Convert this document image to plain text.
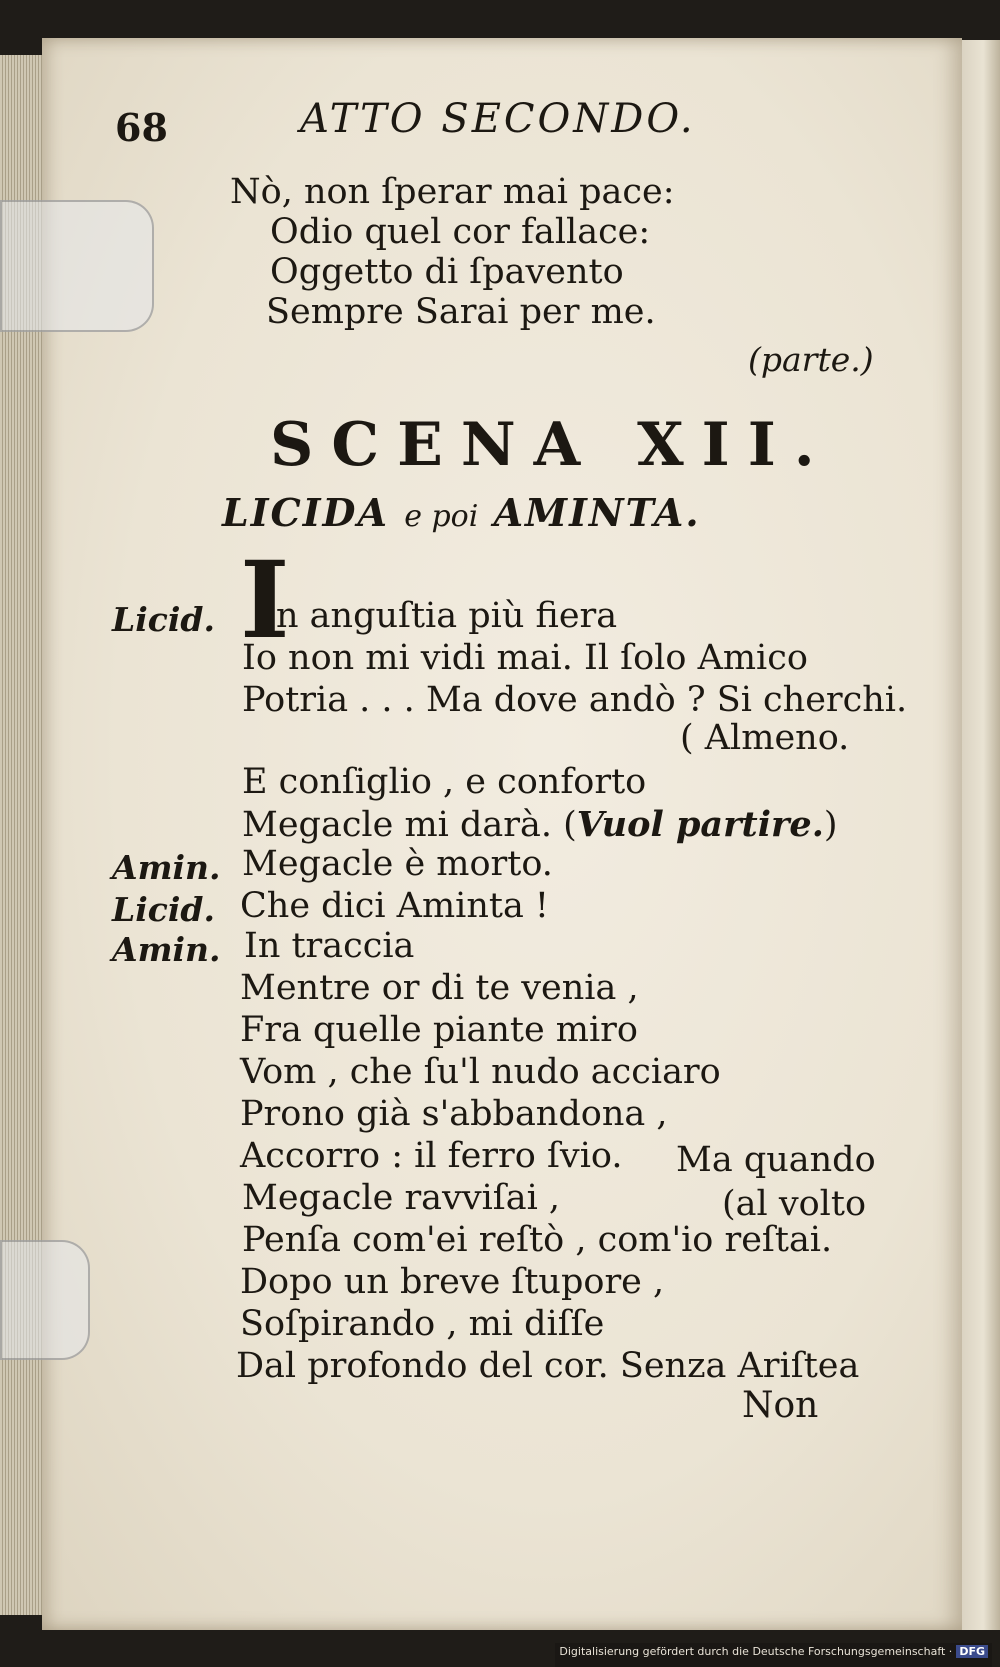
68	ATTO SECONDO.
Nò, non ſperar mai pace:
Odio quel cor fallace:
Oggetto di ſpavento
Sempre Sarai per me.
(parte.)
SCENA XII.
LICIDA e poi AMINTA.
Licid. I
n anguſtia più fiera
Io non mi vidi mai. Il ſolo Amico
Potria . . . Ma dove andò ? Si cherchi.
( Almeno.
E conſiglio , e conforto
Megacle mi darà. (Vuol partire.)
Amin. Megacle è morto.
Licid. Che dici Aminta !
Amin. In traccia
Mentre or di te venia ,
Fra quelle piante miro
Vom , che ſu'l nudo acciaro
Prono già s'abbandona ,
Accorro : il ferro ſvio. Ma quando
Megacle ravviſai ,	(al volto
Penſa com'ei reſtò , com'io reſtai.
Dopo un breve ſtupore ,
Soſpirando , mi diſſe
Dal profondo del cor. Senza Ariſtea
Non
Digitalisierung gefördert durch die Deutsche Forschungsgemeinschaft · DFG
